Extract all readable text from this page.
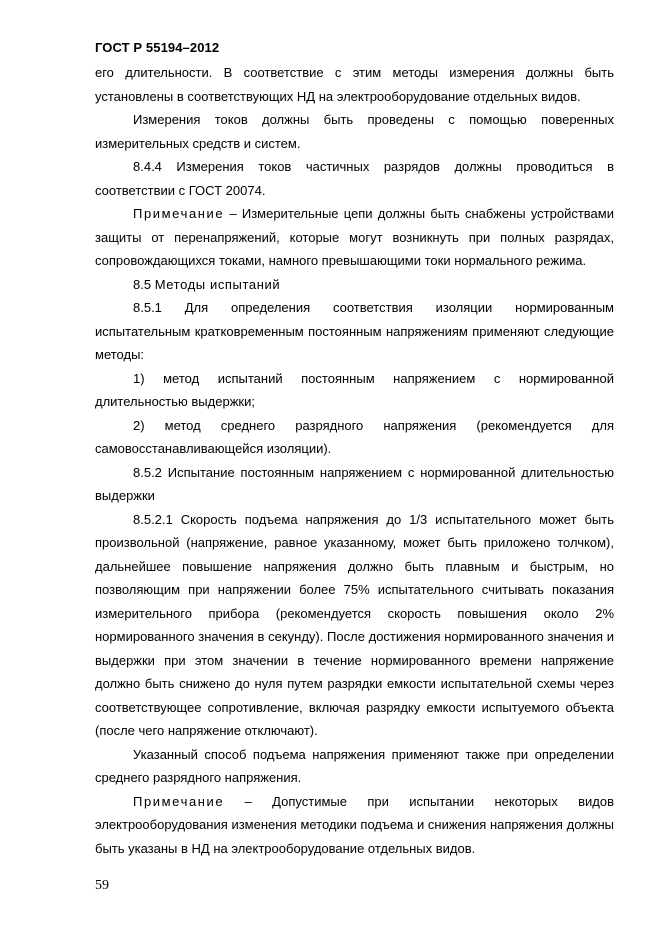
ГОСТ Р 55194–2012

его длительности. В соответствие с этим методы измерения должны быть установлены в соответствующих НД на электрооборудование отдельных видов.

Измерения токов должны быть проведены с помощью поверенных измерительных средств и систем.

8.4.4 Измерения токов частичных разрядов должны проводиться в соответствии с ГОСТ 20074.

Примечание – Измерительные цепи должны быть снабжены устройствами защиты от перенапряжений, которые могут возникнуть при полных разрядах, сопровождающихся токами, намного превышающими токи нормального режима.

8.5 Методы испытаний

8.5.1 Для определения соответствия изоляции нормированным испытательным кратковременным постоянным напряжениям применяют следующие методы:

1) метод испытаний постоянным напряжением с нормированной длительностью выдержки;

2) метод среднего разрядного напряжения (рекомендуется для самовосстанавливающейся изоляции).

8.5.2 Испытание постоянным напряжением с нормированной длительностью выдержки

8.5.2.1 Скорость подъема напряжения до 1/3 испытательного может быть произвольной (напряжение, равное указанному, может быть приложено толчком), дальнейшее повышение напряжения должно быть плавным и быстрым, но позволяющим при напряжении более 75% испытательного считывать показания измерительного прибора (рекомендуется скорость повышения около 2% нормированного значения в секунду). После достижения нормированного значения и выдержки при этом значении в течение нормированного времени напряжение должно быть снижено до нуля путем разрядки емкости испытательной схемы через соответствующее сопротивление, включая разрядку емкости испытуемого объекта (после чего напряжение отключают).

Указанный способ подъема напряжения применяют также при определении среднего разрядного напряжения.

Примечание – Допустимые при испытании некоторых видов электрооборудования изменения методики подъема и снижения напряжения должны быть указаны в НД на электрооборудование отдельных видов.

59
